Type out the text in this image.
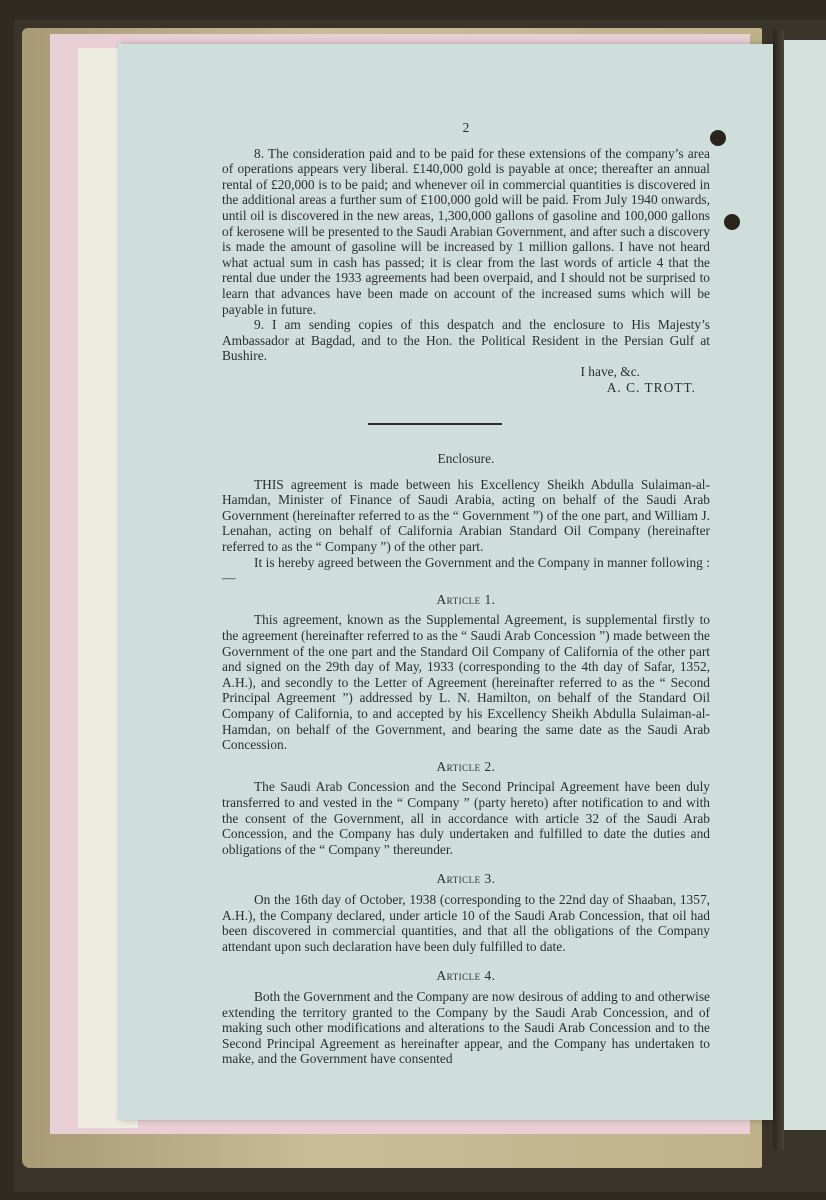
2

8. The consideration paid and to be paid for these extensions of the company’s area of operations appears very liberal. £140,000 gold is payable at once; thereafter an annual rental of £20,000 is to be paid; and whenever oil in commercial quantities is discovered in the additional areas a further sum of £100,000 gold will be paid. From July 1940 onwards, until oil is discovered in the new areas, 1,300,000 gallons of gasoline and 100,000 gallons of kerosene will be presented to the Saudi Arabian Government, and after such a discovery is made the amount of gasoline will be increased by 1 million gallons. I have not heard what actual sum in cash has passed; it is clear from the last words of article 4 that the rental due under the 1933 agreements had been overpaid, and I should not be surprised to learn that advances have been made on account of the increased sums which will be payable in future.

9. I am sending copies of this despatch and the enclosure to His Majesty’s Ambassador at Bagdad, and to the Hon. the Political Resident in the Persian Gulf at Bushire.

I have, &c.
A. C. TROTT.
Enclosure.

THIS agreement is made between his Excellency Sheikh Abdulla Sulaiman-al-Hamdan, Minister of Finance of Saudi Arabia, acting on behalf of the Saudi Arab Government (hereinafter referred to as the “ Government ”) of the one part, and William J. Lenahan, acting on behalf of California Arabian Standard Oil Company (hereinafter referred to as the “ Company ”) of the other part.

It is hereby agreed between the Government and the Company in manner following :—

Article 1.

This agreement, known as the Supplemental Agreement, is supplemental firstly to the agreement (hereinafter referred to as the “ Saudi Arab Concession ”) made between the Government of the one part and the Standard Oil Company of California of the other part and signed on the 29th day of May, 1933 (corresponding to the 4th day of Safar, 1352, A.H.), and secondly to the Letter of Agreement (hereinafter referred to as the “ Second Principal Agreement ”) addressed by L. N. Hamilton, on behalf of the Standard Oil Company of California, to and accepted by his Excellency Sheikh Abdulla Sulaiman-al-Hamdan, on behalf of the Government, and bearing the same date as the Saudi Arab Concession.

Article 2.

The Saudi Arab Concession and the Second Principal Agreement have been duly transferred to and vested in the “ Company ” (party hereto) after notification to and with the consent of the Government, all in accordance with article 32 of the Saudi Arab Concession, and the Company has duly undertaken and fulfilled to date the duties and obligations of the “ Company ” thereunder.

Article 3.

On the 16th day of October, 1938 (corresponding to the 22nd day of Shaaban, 1357, A.H.), the Company declared, under article 10 of the Saudi Arab Concession, that oil had been discovered in commercial quantities, and that all the obligations of the Company attendant upon such declaration have been duly fulfilled to date.

Article 4.

Both the Government and the Company are now desirous of adding to and otherwise extending the territory granted to the Company by the Saudi Arab Concession, and of making such other modifications and alterations to the Saudi Arab Concession and to the Second Principal Agreement as hereinafter appear, and the Company has undertaken to make, and the Government have consented
